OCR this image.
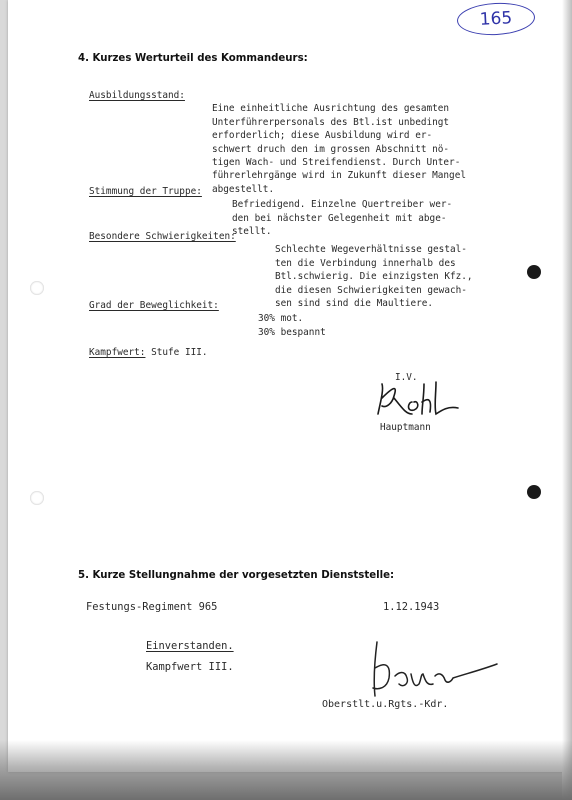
165
4. Kurzes Werturteil des Kommandeurs:
Ausbildungsstand:

Eine einheitliche Ausrichtung des gesamten
Unterführerpersonals des Btl.ist unbedingt
erforderlich; diese Ausbildung wird er-
schwert druch den im grossen Abschnitt nö-
tigen Wach- und Streifendienst. Durch Unter-
führerlehrgänge wird in Zukunft dieser Mangel
abgestellt.

Stimmung der Truppe:

Befriedigend. Einzelne Quertreiber wer-
den bei nächster Gelegenheit mit abge-
stellt.

Besondere Schwierigkeiten:

Schlechte Wegeverhältnisse gestal-
ten die Verbindung innerhalb des
Btl.schwierig. Die einzigsten Kfz.,
die diesen Schwierigkeiten gewach-
sen sind sind die Maultiere.

Grad der Beweglichkeit:

30% mot.
30% bespannt

Kampfwert: Stufe III.
I.V.
Hauptmann
5. Kurze Stellungnahme der vorgesetzten Dienststelle:
Festungs-Regiment 965	1.12.1943
Einverstanden.
Kampfwert III.
Oberstlt.u.Rgts.-Kdr.
